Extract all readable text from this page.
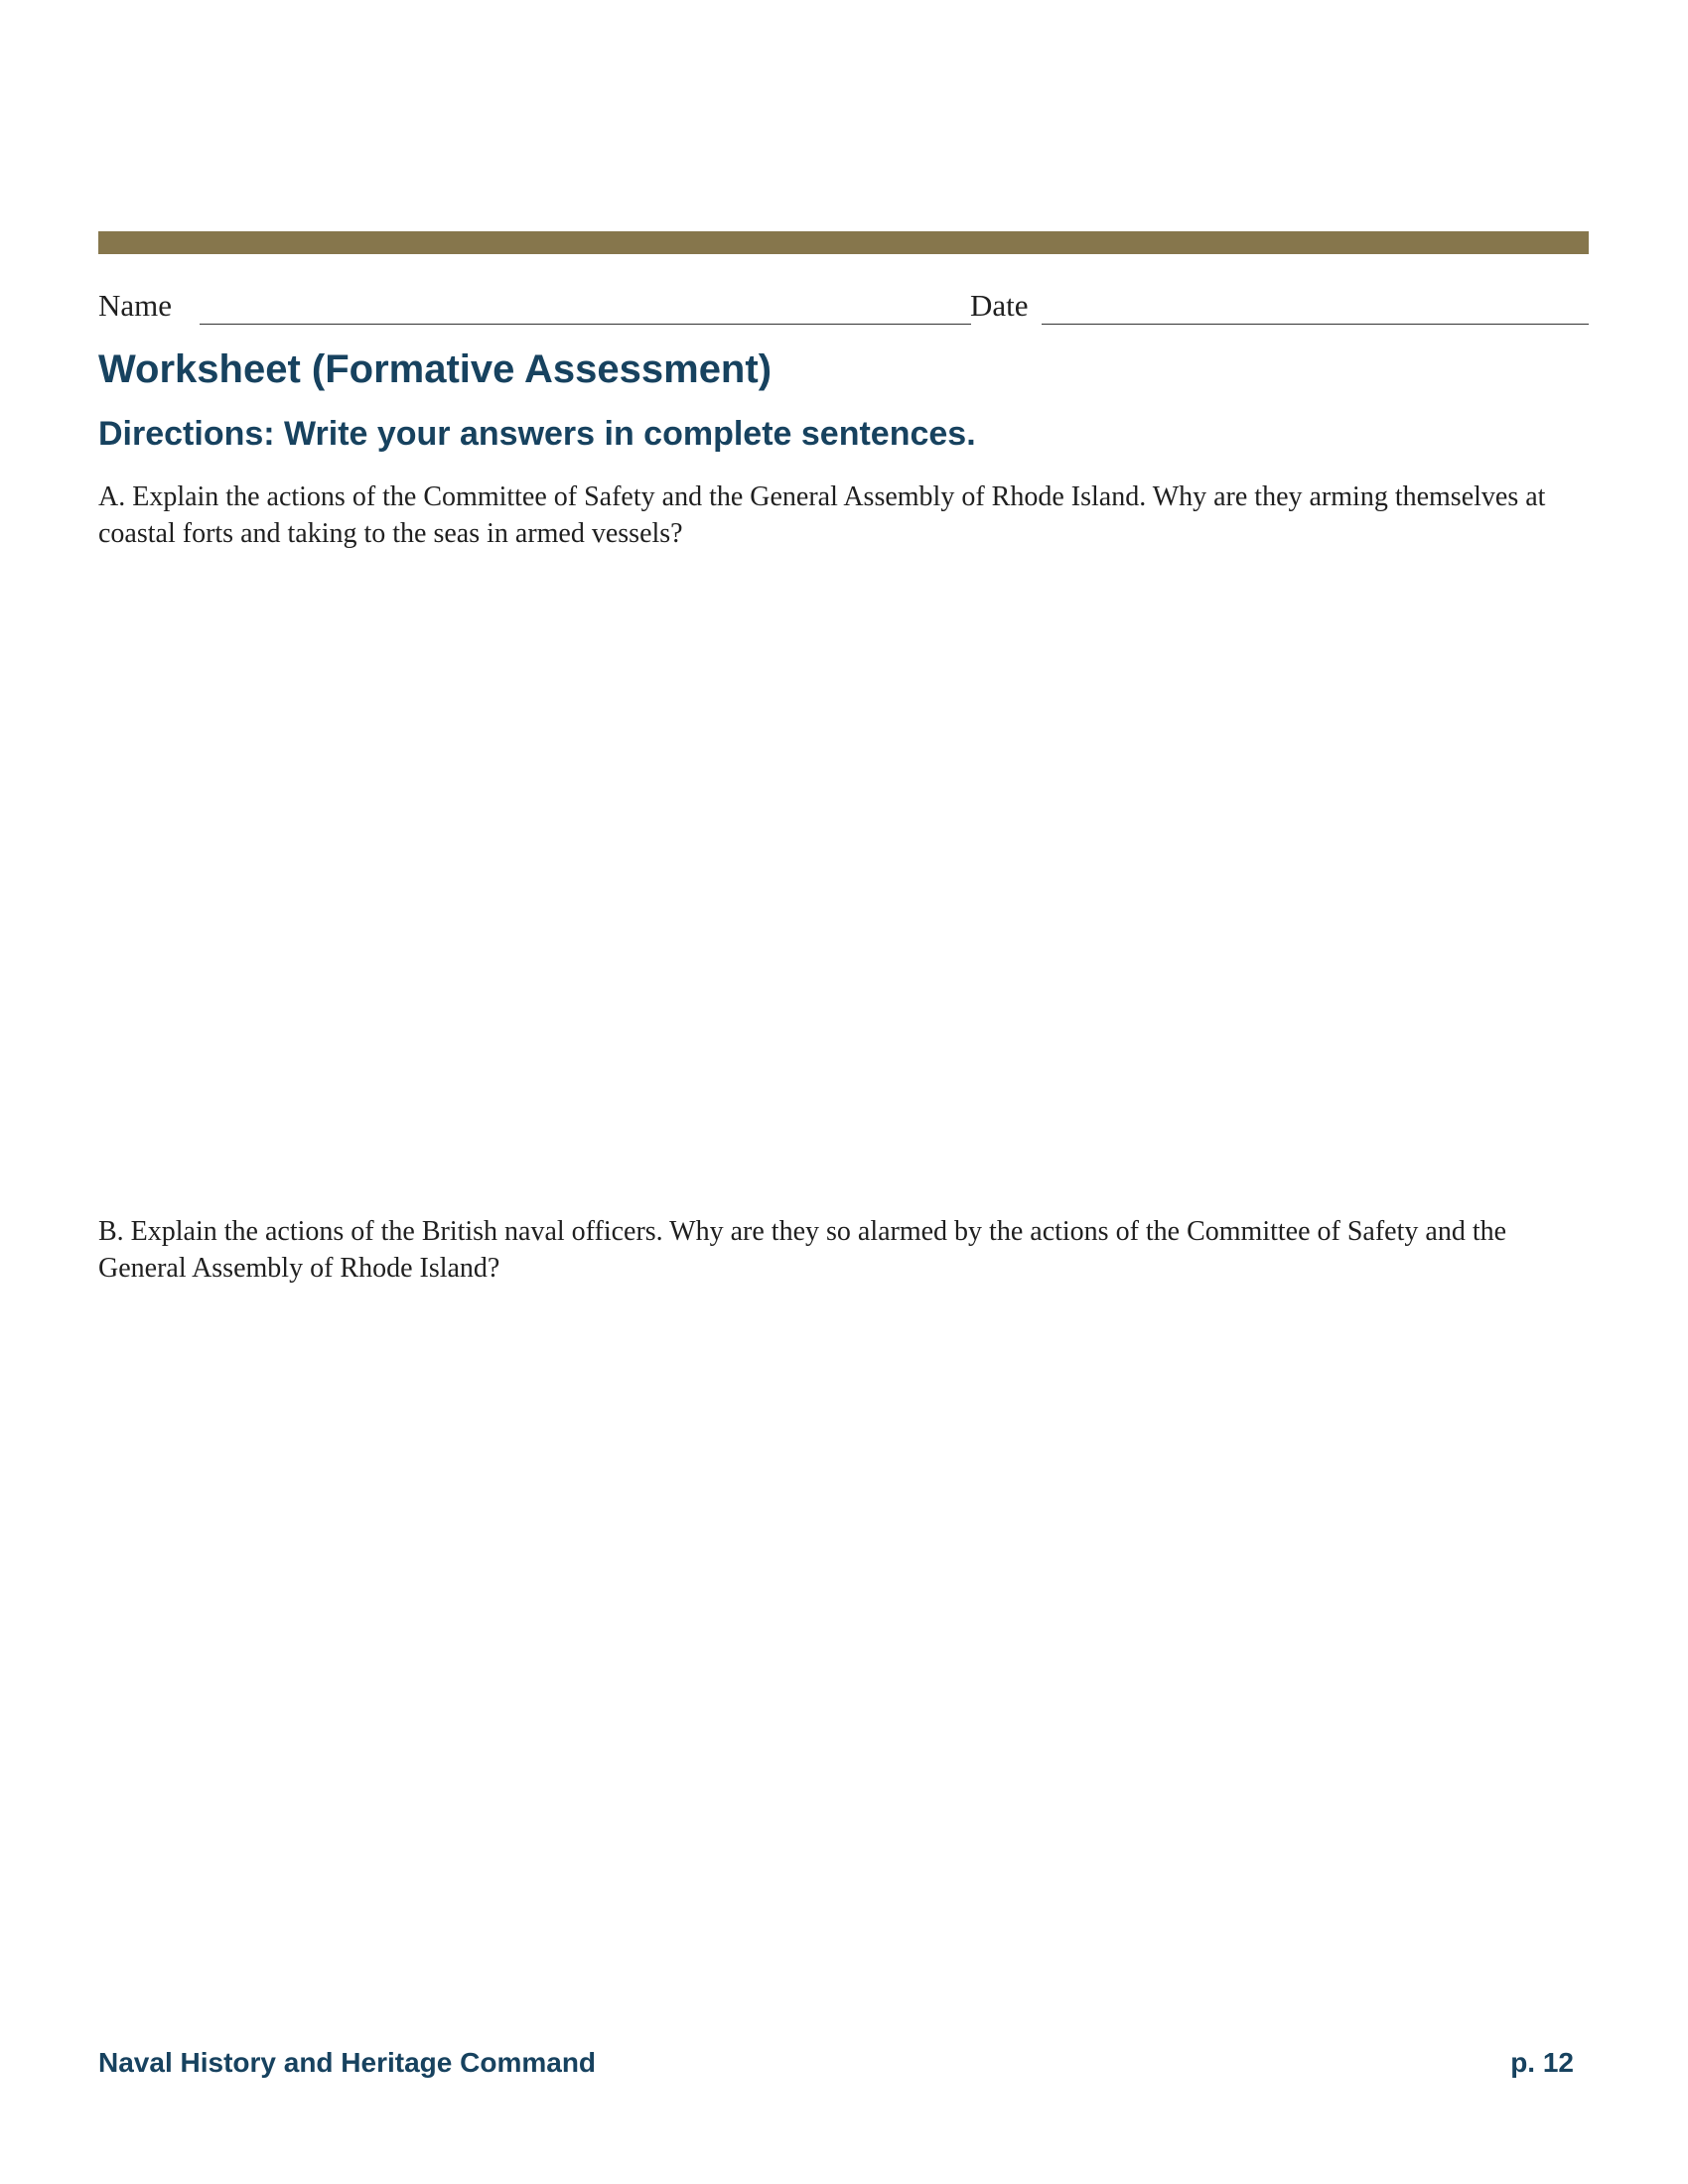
Name	Date
Worksheet (Formative Assessment)
Directions: Write your answers in complete sentences.

A. Explain the actions of the Committee of Safety and the General Assembly of Rhode Island. Why are they arming themselves at coastal forts and taking to the seas in armed vessels?

B. Explain the actions of the British naval officers. Why are they so alarmed by the actions of the Committee of Safety and the General Assembly of Rhode Island?

Naval History and Heritage Command	p. 12
